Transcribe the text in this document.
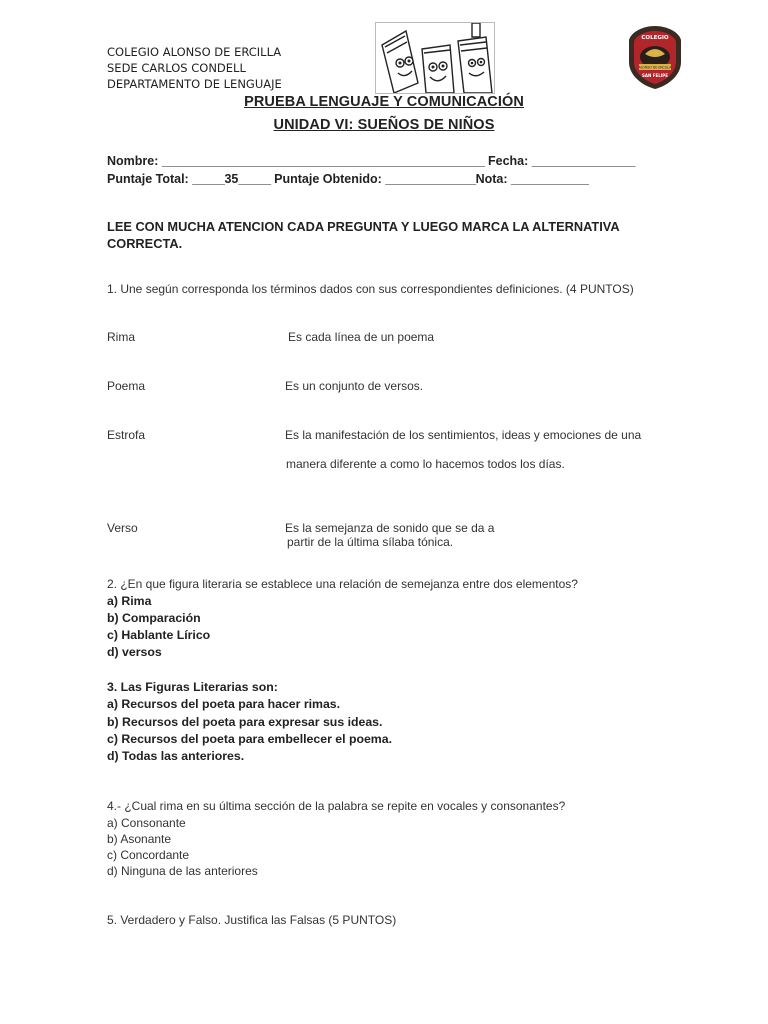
COLEGIO ALONSO DE ERCILLA
SEDE CARLOS CONDELL
DEPARTAMENTO DE LENGUAJE
COLEGIO
ALONSO DE ERCILLA
SAN FELIPE
PRUEBA LENGUAJE Y COMUNICACIÓN
UNIDAD VI: SUEÑOS DE NIÑOS
Nombre: __________________________________________________ Fecha: ________________
Puntaje Total: _____35_____ Puntaje Obtenido: ______________Nota: ____________
LEE CON MUCHA ATENCION CADA PREGUNTA Y LUEGO MARCA LA ALTERNATIVA
CORRECTA.
1. Une según corresponda los términos dados con sus correspondientes definiciones. (4 PUNTOS)
Rima	Es cada línea de un poema
Poema	Es un conjunto de versos.
Estrofa	Es la manifestación de los sentimientos, ideas y emociones de una
manera diferente a como lo hacemos todos los días.
Verso	Es la semejanza de sonido que se da a
partir de la última sílaba tónica.
2. ¿En que figura literaria se establece una relación de semejanza entre dos elementos?
a) Rima
b) Comparación
c) Hablante Lírico
d) versos
3. Las Figuras Literarias son:
a) Recursos del poeta para hacer rimas.
b) Recursos del poeta para expresar sus ideas.
c) Recursos del poeta para embellecer el poema.
d) Todas las anteriores.
4.- ¿Cual rima en su última sección de la palabra se repite en vocales y consonantes?
a) Consonante
b) Asonante
c) Concordante
d) Ninguna de las anteriores
5. Verdadero y Falso. Justifica las Falsas (5 PUNTOS)
